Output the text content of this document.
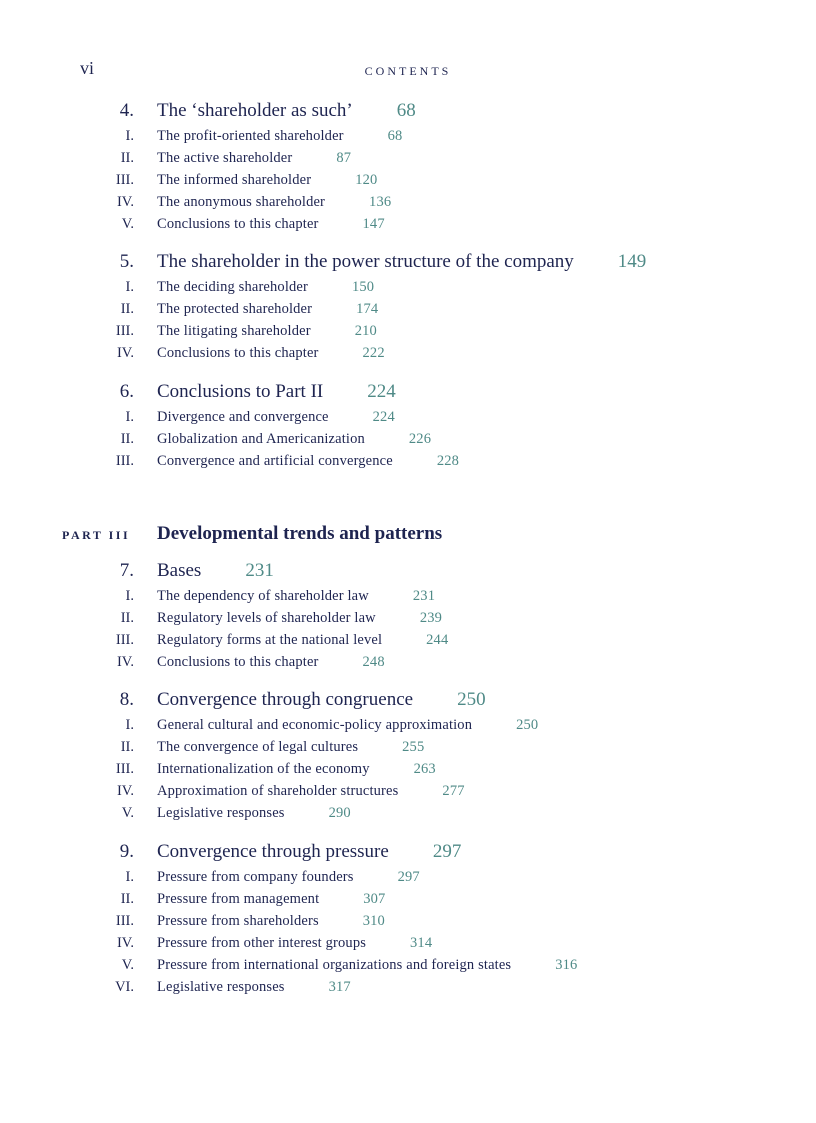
vi	CONTENTS
4. The ‘shareholder as such’ 68
I. The profit-oriented shareholder	68
II. The active shareholder	87
III. The informed shareholder	120
IV. The anonymous shareholder	136
V. Conclusions to this chapter	147
5. The shareholder in the power structure of the company 149
I. The deciding shareholder	150
II. The protected shareholder	174
III. The litigating shareholder	210
IV. Conclusions to this chapter	222
6. Conclusions to Part II 224
I. Divergence and convergence	224
II. Globalization and Americanization	226
III. Convergence and artificial convergence	228
PART III Developmental trends and patterns
7. Bases 231
I. The dependency of shareholder law	231
II. Regulatory levels of shareholder law	239
III. Regulatory forms at the national level	244
IV. Conclusions to this chapter	248
8. Convergence through congruence 250
I. General cultural and economic-policy approximation	250
II. The convergence of legal cultures	255
III. Internationalization of the economy	263
IV. Approximation of shareholder structures	277
V. Legislative responses	290
9. Convergence through pressure 297
I. Pressure from company founders	297
II. Pressure from management	307
III. Pressure from shareholders	310
IV. Pressure from other interest groups	314
V. Pressure from international organizations and foreign states	316
VI. Legislative responses	317
